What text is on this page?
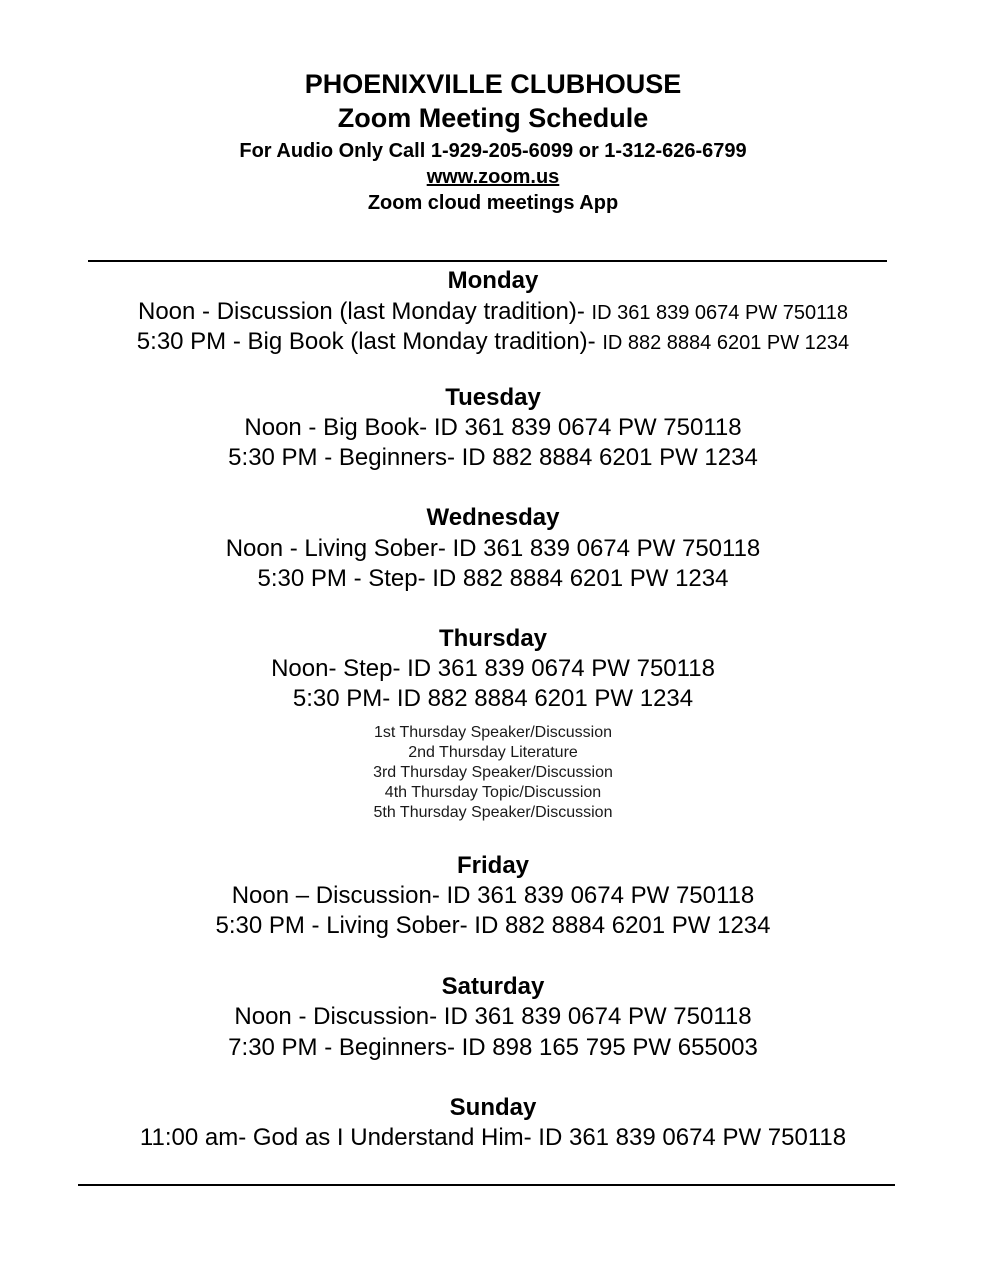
PHOENIXVILLE CLUBHOUSE
Zoom Meeting Schedule
For Audio Only Call 1-929-205-6099 or 1-312-626-6799
www.zoom.us
Zoom cloud meetings App
Monday
Noon - Discussion (last Monday tradition)- ID 361 839 0674 PW 750118
5:30 PM - Big Book (last Monday tradition)- ID 882 8884 6201 PW 1234
Tuesday
Noon - Big Book- ID 361 839 0674 PW 750118
5:30 PM - Beginners- ID 882 8884 6201 PW 1234
Wednesday
Noon - Living Sober- ID 361 839 0674 PW 750118
5:30 PM - Step- ID 882 8884 6201 PW 1234
Thursday
Noon- Step- ID 361 839 0674 PW 750118
5:30 PM- ID 882 8884 6201 PW 1234
1st Thursday Speaker/Discussion
2nd Thursday Literature
3rd Thursday Speaker/Discussion
4th Thursday Topic/Discussion
5th Thursday Speaker/Discussion
Friday
Noon – Discussion- ID 361 839 0674 PW 750118
5:30 PM - Living Sober- ID 882 8884 6201 PW 1234
Saturday
Noon - Discussion- ID 361 839 0674 PW 750118
7:30 PM - Beginners- ID 898 165 795 PW 655003
Sunday
11:00 am- God as I Understand Him- ID 361 839 0674 PW 750118
